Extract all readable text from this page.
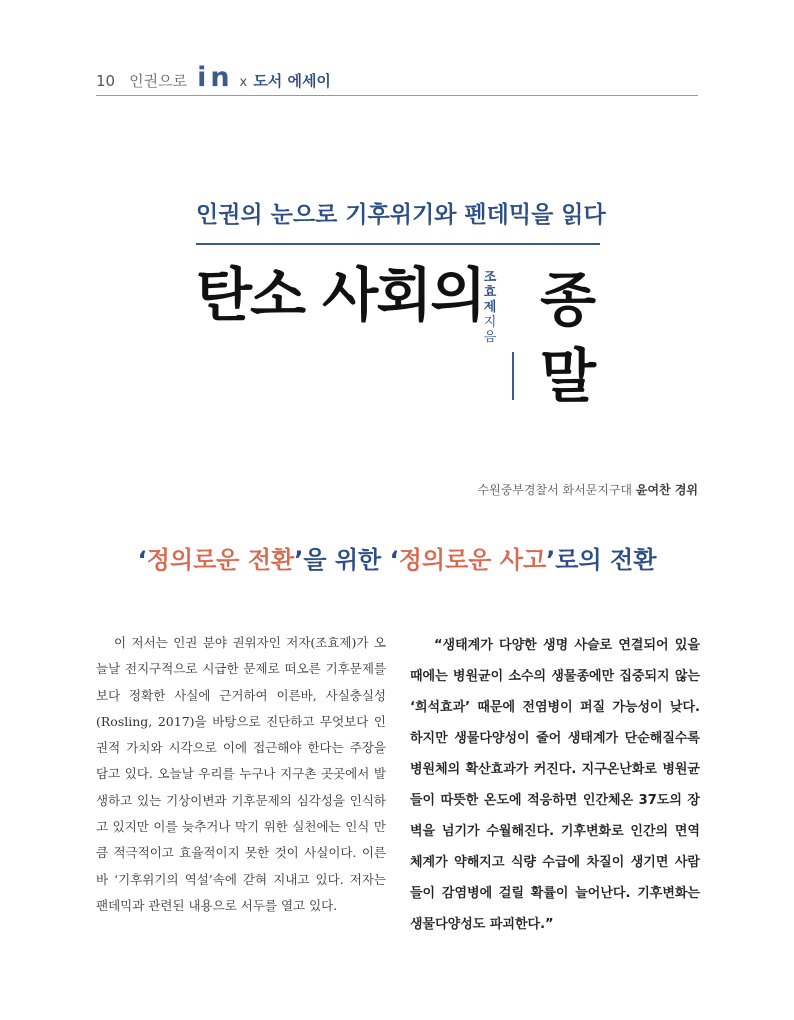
10 인권으로 in x 도서 에세이
인권의 눈으로 기후위기와 펜데믹을 읽다
탄소 사회의 조
효
제
지
음
종
말
수원중부경찰서 화서문지구대 윤여찬 경위
‘정의로운 전환’을 위한 ‘정의로운 사고’로의 전환
이 저서는 인권 분야 권위자인 저자(조효제)가 오늘날 전지구적으로 시급한 문제로 떠오른 기후문제를 보다 정확한 사실에 근거하여 이른바, 사실충실성(Rosling, 2017)을 바탕으로 진단하고 무엇보다 인권적 가치와 시각으로 이에 접근해야 한다는 주장을 담고 있다. 오늘날 우리를 누구나 지구촌 곳곳에서 발생하고 있는 기상이변과 기후문제의 심각성을 인식하고 있지만 이를 늦추거나 막기 위한 실천에는 인식 만큼 적극적이고 효율적이지 못한 것이 사실이다. 이른바 ‘기후위기의 역설’속에 갇혀 지내고 있다. 저자는 팬데믹과 관련된 내용으로 서두를 열고 있다.
“생태계가 다양한 생명 사슬로 연결되어 있을 때에는 병원균이 소수의 생물종에만 집중되지 않는 ‘희석효과’ 때문에 전염병이 퍼질 가능성이 낮다. 하지만 생물다양성이 줄어 생태계가 단순해질수록 병원체의 확산효과가 커진다. 지구온난화로 병원균들이 따뜻한 온도에 적응하면 인간체온 37도의 장벽을 넘기가 수월해진다. 기후변화로 인간의 면역체계가 약해지고 식량 수급에 차질이 생기면 사람들이 감염병에 걸릴 확률이 늘어난다. 기후변화는 생물다양성도 파괴한다.”
